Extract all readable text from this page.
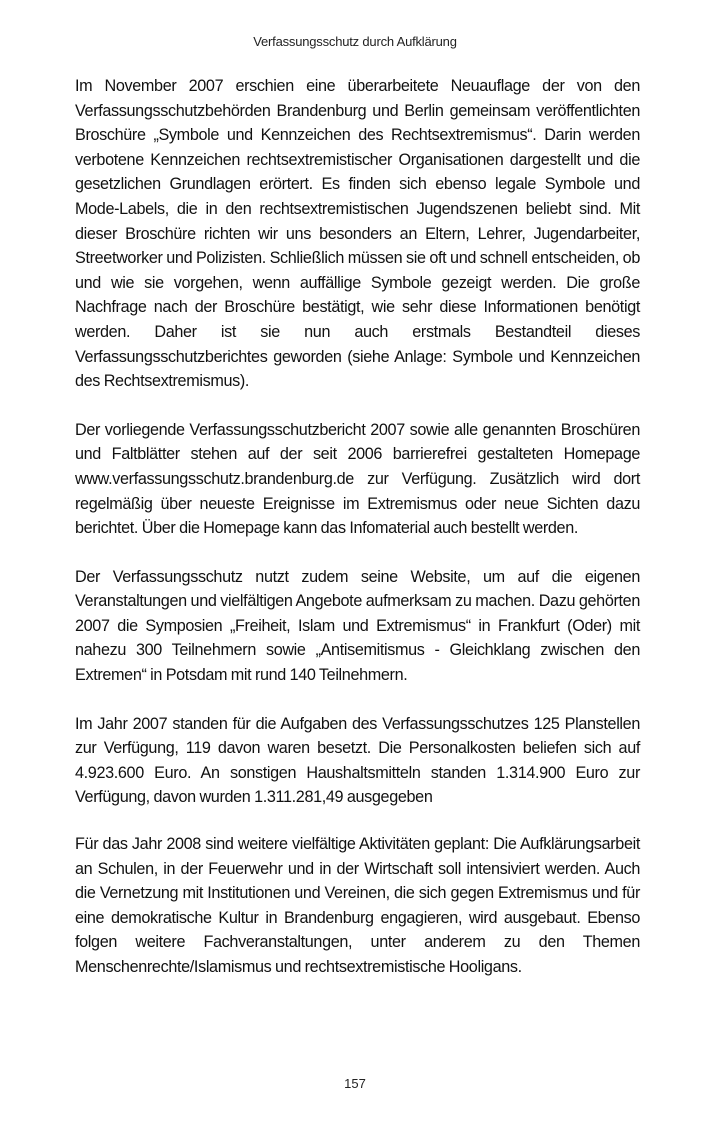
Verfassungsschutz durch Aufklärung

Im November 2007 erschien eine überarbeitete Neuauflage der von den Verfassungsschutzbehörden Brandenburg und Berlin gemeinsam veröffentlichten Broschüre „Symbole und Kennzeichen des Rechtsextremismus“. Darin werden verbotene Kennzeichen rechtsextremistischer Organisationen dargestellt und die gesetzlichen Grundlagen erörtert. Es finden sich ebenso legale Symbole und Mode-Labels, die in den rechtsextremistischen Jugendszenen beliebt sind. Mit dieser Broschüre richten wir uns besonders an Eltern, Lehrer, Jugendarbeiter, Streetworker und Polizisten. Schließlich müssen sie oft und schnell entscheiden, ob und wie sie vorgehen, wenn auffällige Symbole gezeigt werden. Die große Nachfrage nach der Broschüre bestätigt, wie sehr diese Informationen benötigt werden. Daher ist sie nun auch erstmals Bestandteil dieses Verfassungsschutzberichtes geworden (siehe Anlage: Symbole und Kennzeichen des Rechtsextremismus).

Der vorliegende Verfassungsschutzbericht 2007 sowie alle genannten Broschüren und Faltblätter stehen auf der seit 2006 barrierefrei gestalteten Homepage www.verfassungsschutz.brandenburg.de zur Verfügung. Zusätzlich wird dort regelmäßig über neueste Ereignisse im Extremismus oder neue Sichten dazu berichtet. Über die Homepage kann das Infomaterial auch bestellt werden.

Der Verfassungsschutz nutzt zudem seine Website, um auf die eigenen Veranstaltungen und vielfältigen Angebote aufmerksam zu machen. Dazu gehörten 2007 die Symposien „Freiheit, Islam und Extremismus“ in Frankfurt (Oder) mit nahezu 300 Teilnehmern sowie „Antisemitismus - Gleichklang zwischen den Extremen“ in Potsdam mit rund 140 Teilnehmern.

Im Jahr 2007 standen für die Aufgaben des Verfassungsschutzes 125 Planstellen zur Verfügung, 119 davon waren besetzt. Die Personalkosten beliefen sich auf 4.923.600 Euro. An sonstigen Haushaltsmitteln standen 1.314.900 Euro zur Verfügung, davon wurden 1.311.281,49 ausgegeben

Für das Jahr 2008 sind weitere vielfältige Aktivitäten geplant: Die Aufklärungsarbeit an Schulen, in der Feuerwehr und in der Wirtschaft soll intensiviert werden. Auch die Vernetzung mit Institutionen und Vereinen, die sich gegen Extremismus und für eine demokratische Kultur in Brandenburg engagieren, wird ausgebaut. Ebenso folgen weitere Fachveranstaltungen, unter anderem zu den Themen Menschenrechte/Islamismus und rechtsextremistische Hooligans.

157
